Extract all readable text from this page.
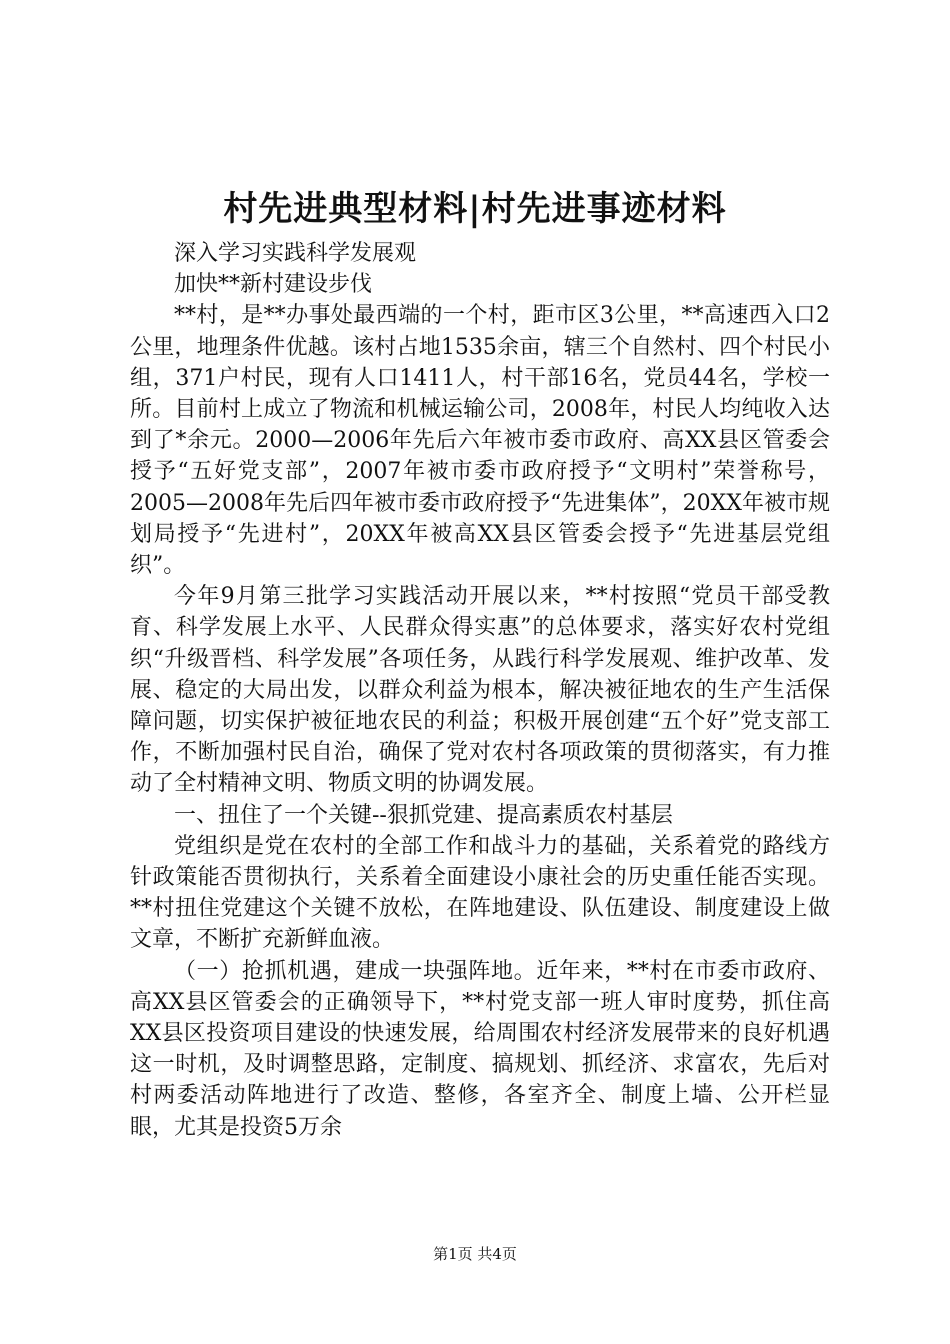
村先进典型材料|村先进事迹材料

深入学习实践科学发展观

加快**新村建设步伐

**村，是**办事处最西端的一个村，距市区3公里，**高速西入口2公里，地理条件优越。该村占地1535余亩，辖三个自然村、四个村民小组，371户村民，现有人口1411人，村干部16名，党员44名，学校一所。目前村上成立了物流和机械运输公司，2008年，村民人均纯收入达到了*余元。2000—2006年先后六年被市委市政府、高XX县区管委会授予“五好党支部”，2007年被市委市政府授予“文明村”荣誉称号，2005—2008年先后四年被市委市政府授予“先进集体”，20XX年被市规划局授予“先进村”，20XX年被高XX县区管委会授予“先进基层党组织”。

今年9月第三批学习实践活动开展以来，**村按照“党员干部受教育、科学发展上水平、人民群众得实惠”的总体要求，落实好农村党组织“升级晋档、科学发展”各项任务，从践行科学发展观、维护改革、发展、稳定的大局出发，以群众利益为根本，解决被征地农的生产生活保障问题，切实保护被征地农民的利益；积极开展创建“五个好”党支部工作，不断加强村民自治，确保了党对农村各项政策的贯彻落实，有力推动了全村精神文明、物质文明的协调发展。

一、扭住了一个关键--狠抓党建、提高素质农村基层

党组织是党在农村的全部工作和战斗力的基础，关系着党的路线方针政策能否贯彻执行，关系着全面建设小康社会的历史重任能否实现。**村扭住党建这个关键不放松，在阵地建设、队伍建设、制度建设上做文章，不断扩充新鲜血液。

（一）抢抓机遇，建成一块强阵地。近年来，**村在市委市政府、高XX县区管委会的正确领导下，**村党支部一班人审时度势，抓住高XX县区投资项目建设的快速发展，给周围农村经济发展带来的良好机遇这一时机，及时调整思路，定制度、搞规划、抓经济、求富农，先后对村两委活动阵地进行了改造、整修，各室齐全、制度上墙、公开栏显眼，尤其是投资5万余

第1页 共4页
